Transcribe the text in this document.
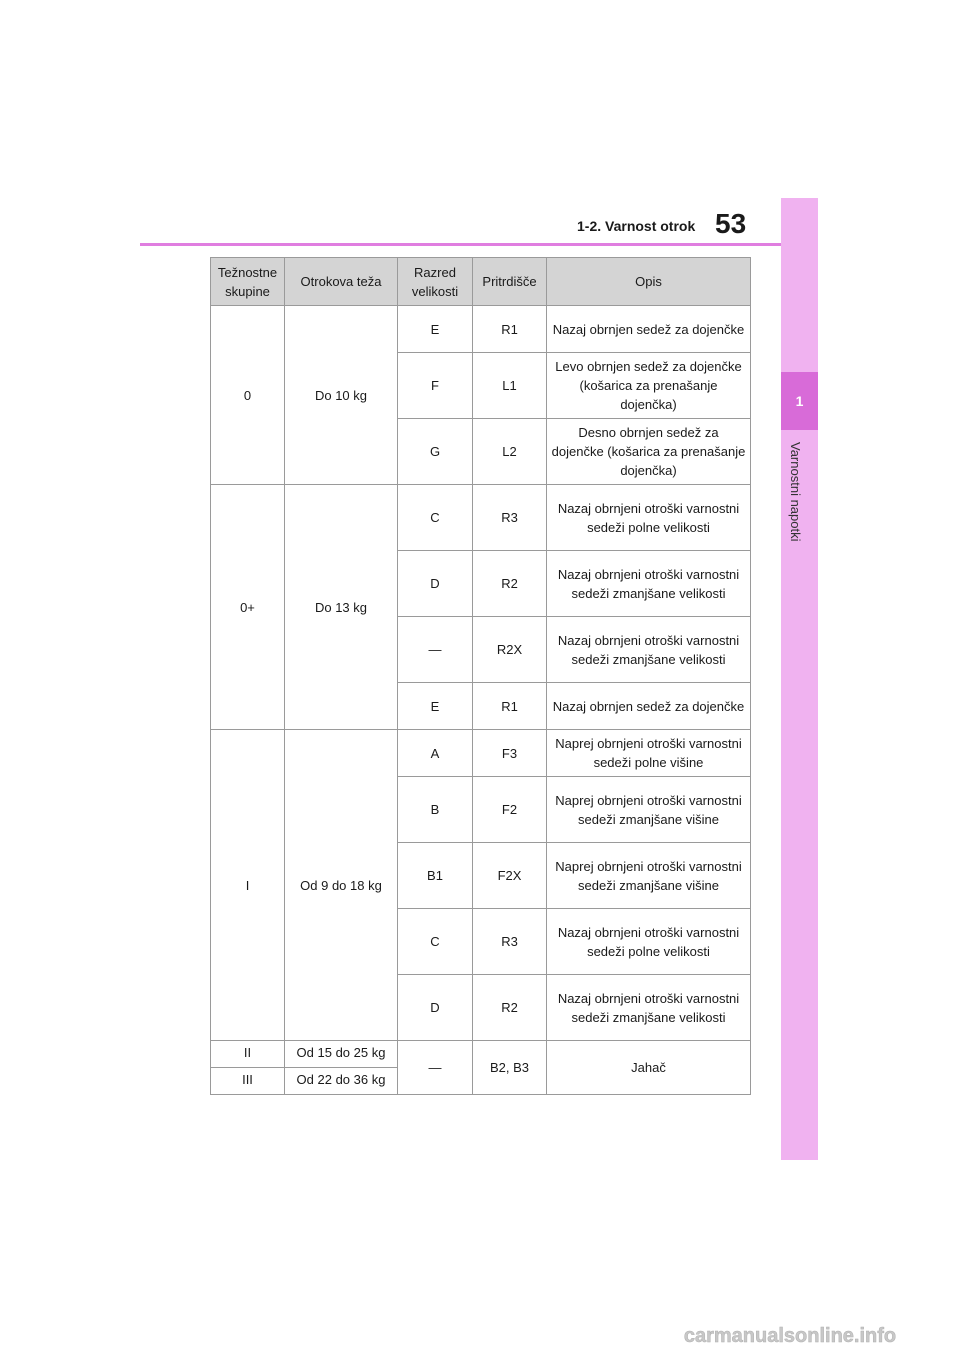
1-2. Varnost otrok 53
1
Varnostni napotki
Težnostne skupine	Otrokova teža	Razred velikosti	Pritrdišče	Opis
0	Do 10 kg	E	R1	Nazaj obrnjen sedež za dojenčke
		F	L1	Levo obrnjen sedež za dojenčke (košarica za prenašanje dojenčka)
		G	L2	Desno obrnjen sedež za dojenčke (košarica za prenašanje dojenčka)
0+	Do 13 kg	C	R3	Nazaj obrnjeni otroški varnostni sedeži polne velikosti
		D	R2	Nazaj obrnjeni otroški varnostni sedeži zmanjšane velikosti
		—	R2X	Nazaj obrnjeni otroški varnostni sedeži zmanjšane velikosti
		E	R1	Nazaj obrnjen sedež za dojenčke
I	Od 9 do 18 kg	A	F3	Naprej obrnjeni otroški varnostni sedeži polne višine
		B	F2	Naprej obrnjeni otroški varnostni sedeži zmanjšane višine
		B1	F2X	Naprej obrnjeni otroški varnostni sedeži zmanjšane višine
		C	R3	Nazaj obrnjeni otroški varnostni sedeži polne velikosti
		D	R2	Nazaj obrnjeni otroški varnostni sedeži zmanjšane velikosti
II	Od 15 do 25 kg	—	B2, B3	Jahač
III	Od 22 do 36 kg			
carmanualsonline.info
